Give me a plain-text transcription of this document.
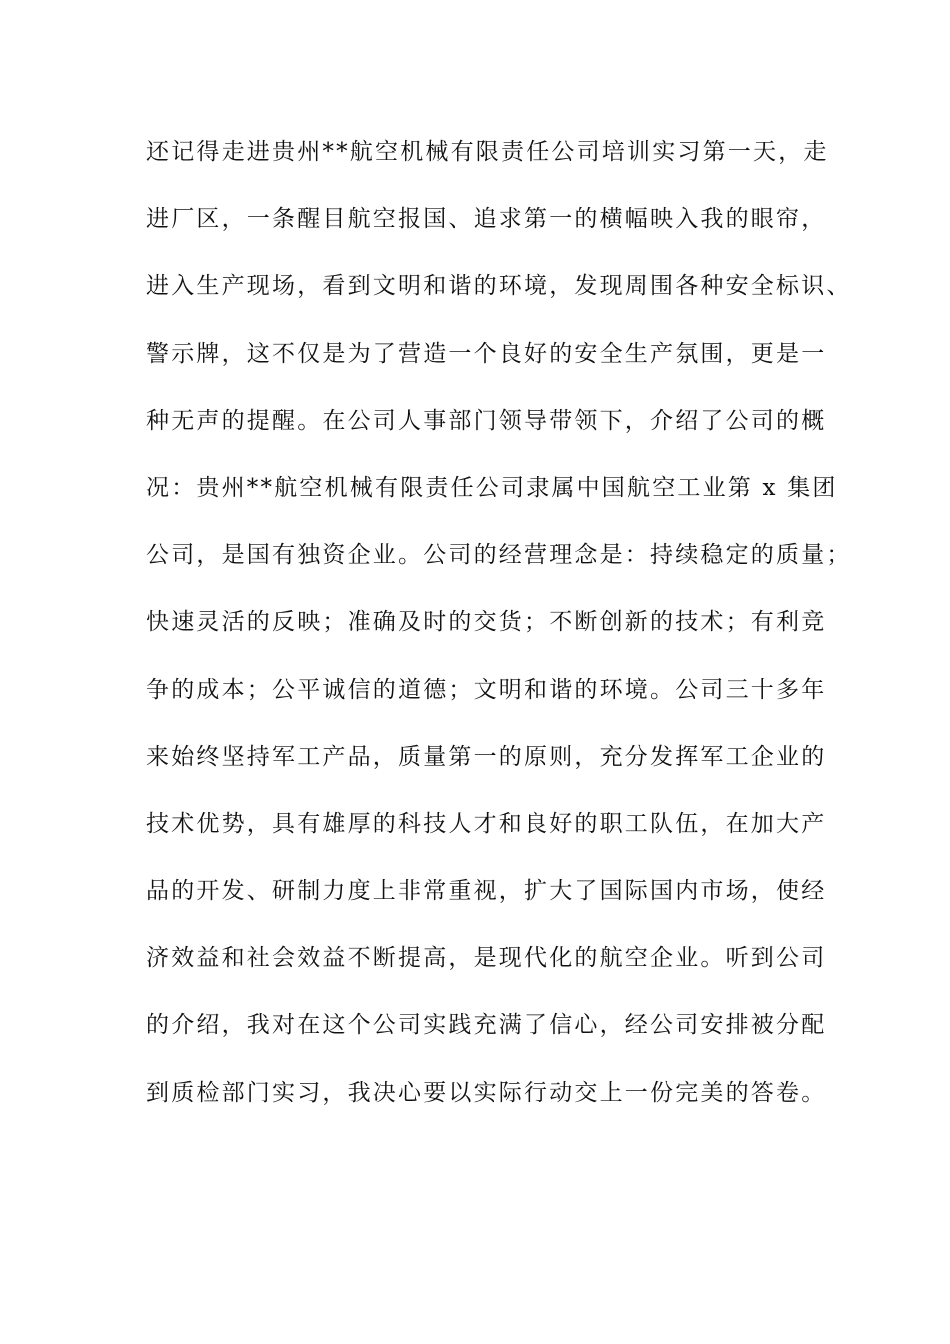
还记得走进贵州**航空机械有限责任公司培训实习第一天，走
进厂区，一条醒目航空报国、追求第一的横幅映入我的眼帘，
进入生产现场，看到文明和谐的环境，发现周围各种安全标识、
警示牌，这不仅是为了营造一个良好的安全生产氛围，更是一
种无声的提醒。在公司人事部门领导带领下，介绍了公司的概
况：贵州**航空机械有限责任公司隶属中国航空工业第 x 集团
公司，是国有独资企业。公司的经营理念是：持续稳定的质量；
快速灵活的反映；准确及时的交货；不断创新的技术；有利竞
争的成本；公平诚信的道德；文明和谐的环境。公司三十多年
来始终坚持军工产品，质量第一的原则，充分发挥军工企业的
技术优势，具有雄厚的科技人才和良好的职工队伍，在加大产
品的开发、研制力度上非常重视，扩大了国际国内市场，使经
济效益和社会效益不断提高，是现代化的航空企业。听到公司
的介绍，我对在这个公司实践充满了信心，经公司安排被分配
到质检部门实习，我决心要以实际行动交上一份完美的答卷。
